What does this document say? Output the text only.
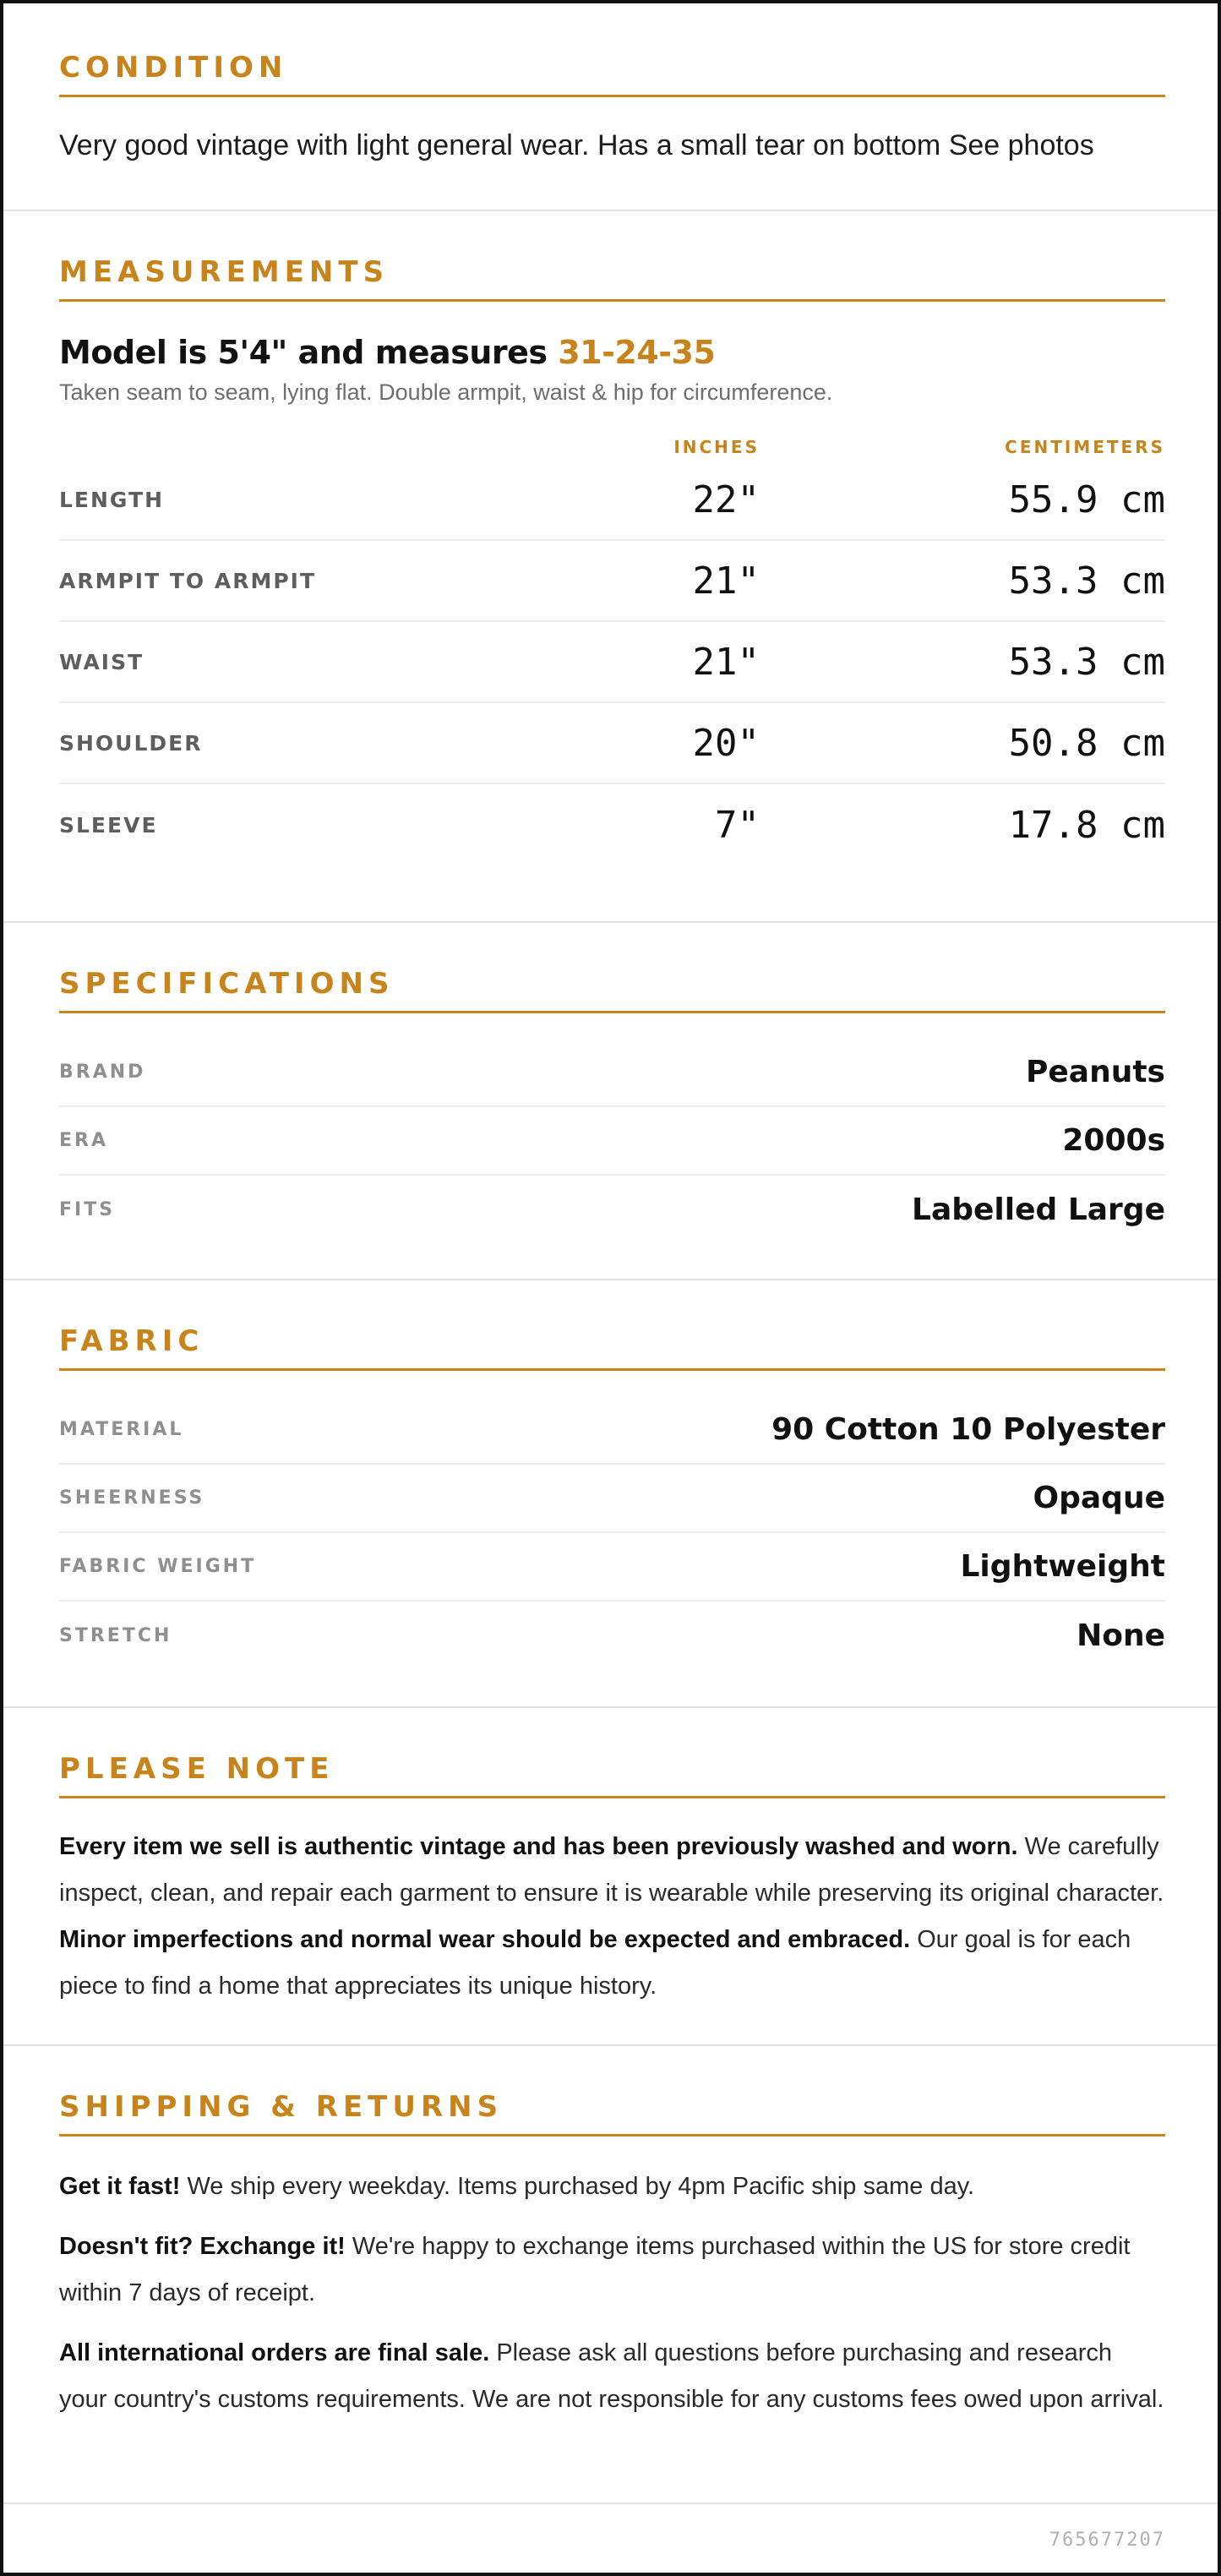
CONDITION

Very good vintage with light general wear. Has a small tear on bottom See photos

MEASUREMENTS
Model is 5'4" and measures 31-24-35

Taken seam to seam, lying flat. Double armpit, waist & hip for circumference.

INCHES	CENTIMETERS
LENGTH	22"	55.9 cm
ARMPIT TO ARMPIT	21"	53.3 cm
WAIST	21"	53.3 cm
SHOULDER	20"	50.8 cm
SLEEVE	7"	17.8 cm
SPECIFICATIONS
BRAND	Peanuts
ERA	2000s
FITS	Labelled Large
FABRIC
MATERIAL	90 Cotton 10 Polyester
SHEERNESS	Opaque
FABRIC WEIGHT	Lightweight
STRETCH	None
PLEASE NOTE

Every item we sell is authentic vintage and has been previously washed and worn. We carefully inspect, clean, and repair each garment to ensure it is wearable while preserving its original character. Minor imperfections and normal wear should be expected and embraced. Our goal is for each piece to find a home that appreciates its unique history.

SHIPPING & RETURNS

Get it fast! We ship every weekday. Items purchased by 4pm Pacific ship same day.

Doesn't fit? Exchange it! We're happy to exchange items purchased within the US for store credit within 7 days of receipt.

All international orders are final sale. Please ask all questions before purchasing and research your country's customs requirements. We are not responsible for any customs fees owed upon arrival.

765677207
